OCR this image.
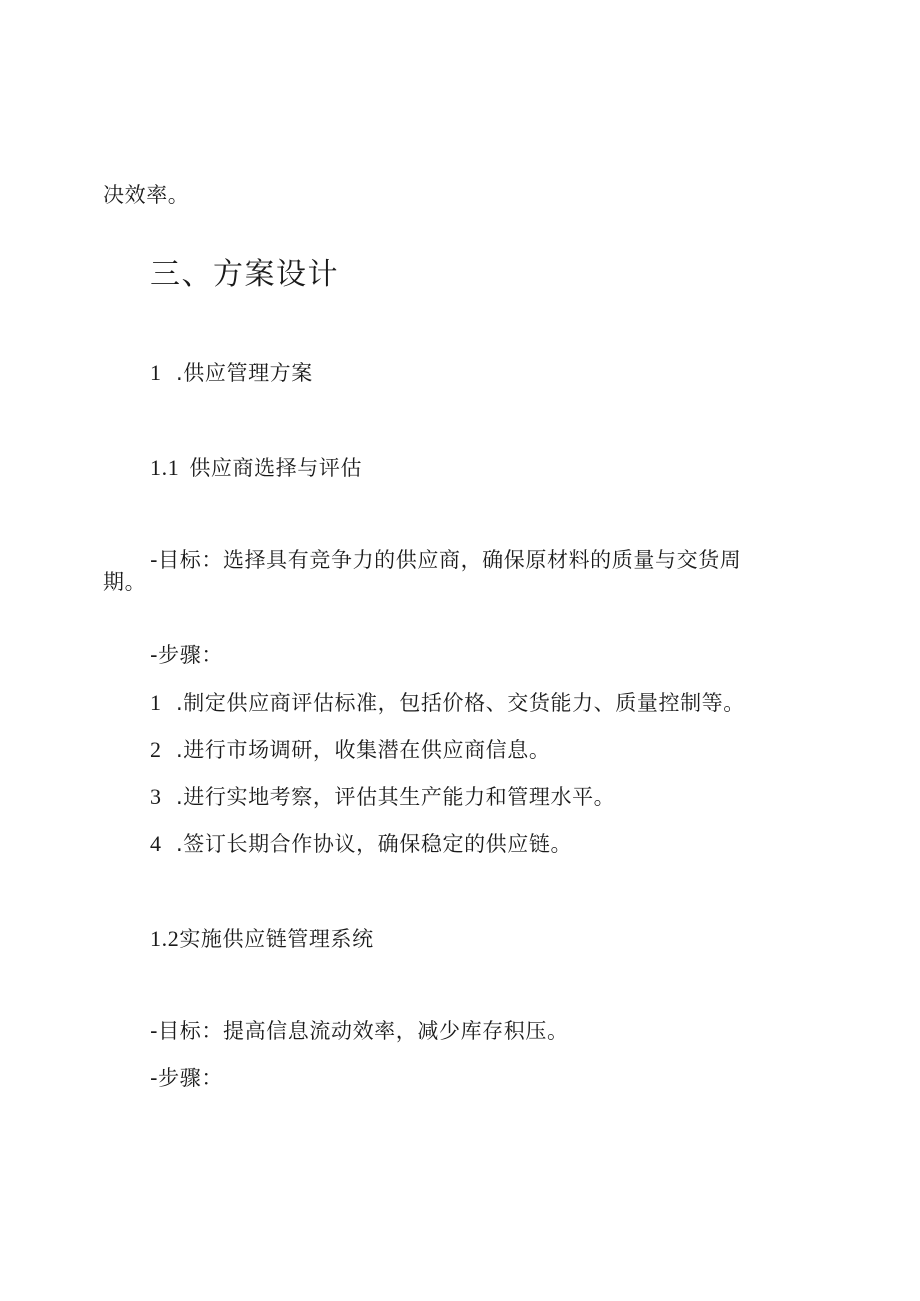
决效率。
三、方案设计
1 .供应管理方案
1.1 供应商选择与评估
-目标：选择具有竞争力的供应商，确保原材料的质量与交货周
期。
-步骤：
1 .制定供应商评估标准，包括价格、交货能力、质量控制等。
2 .进行市场调研，收集潜在供应商信息。
3 .进行实地考察，评估其生产能力和管理水平。
4 .签订长期合作协议，确保稳定的供应链。
1.2实施供应链管理系统
-目标：提高信息流动效率，减少库存积压。
-步骤：
